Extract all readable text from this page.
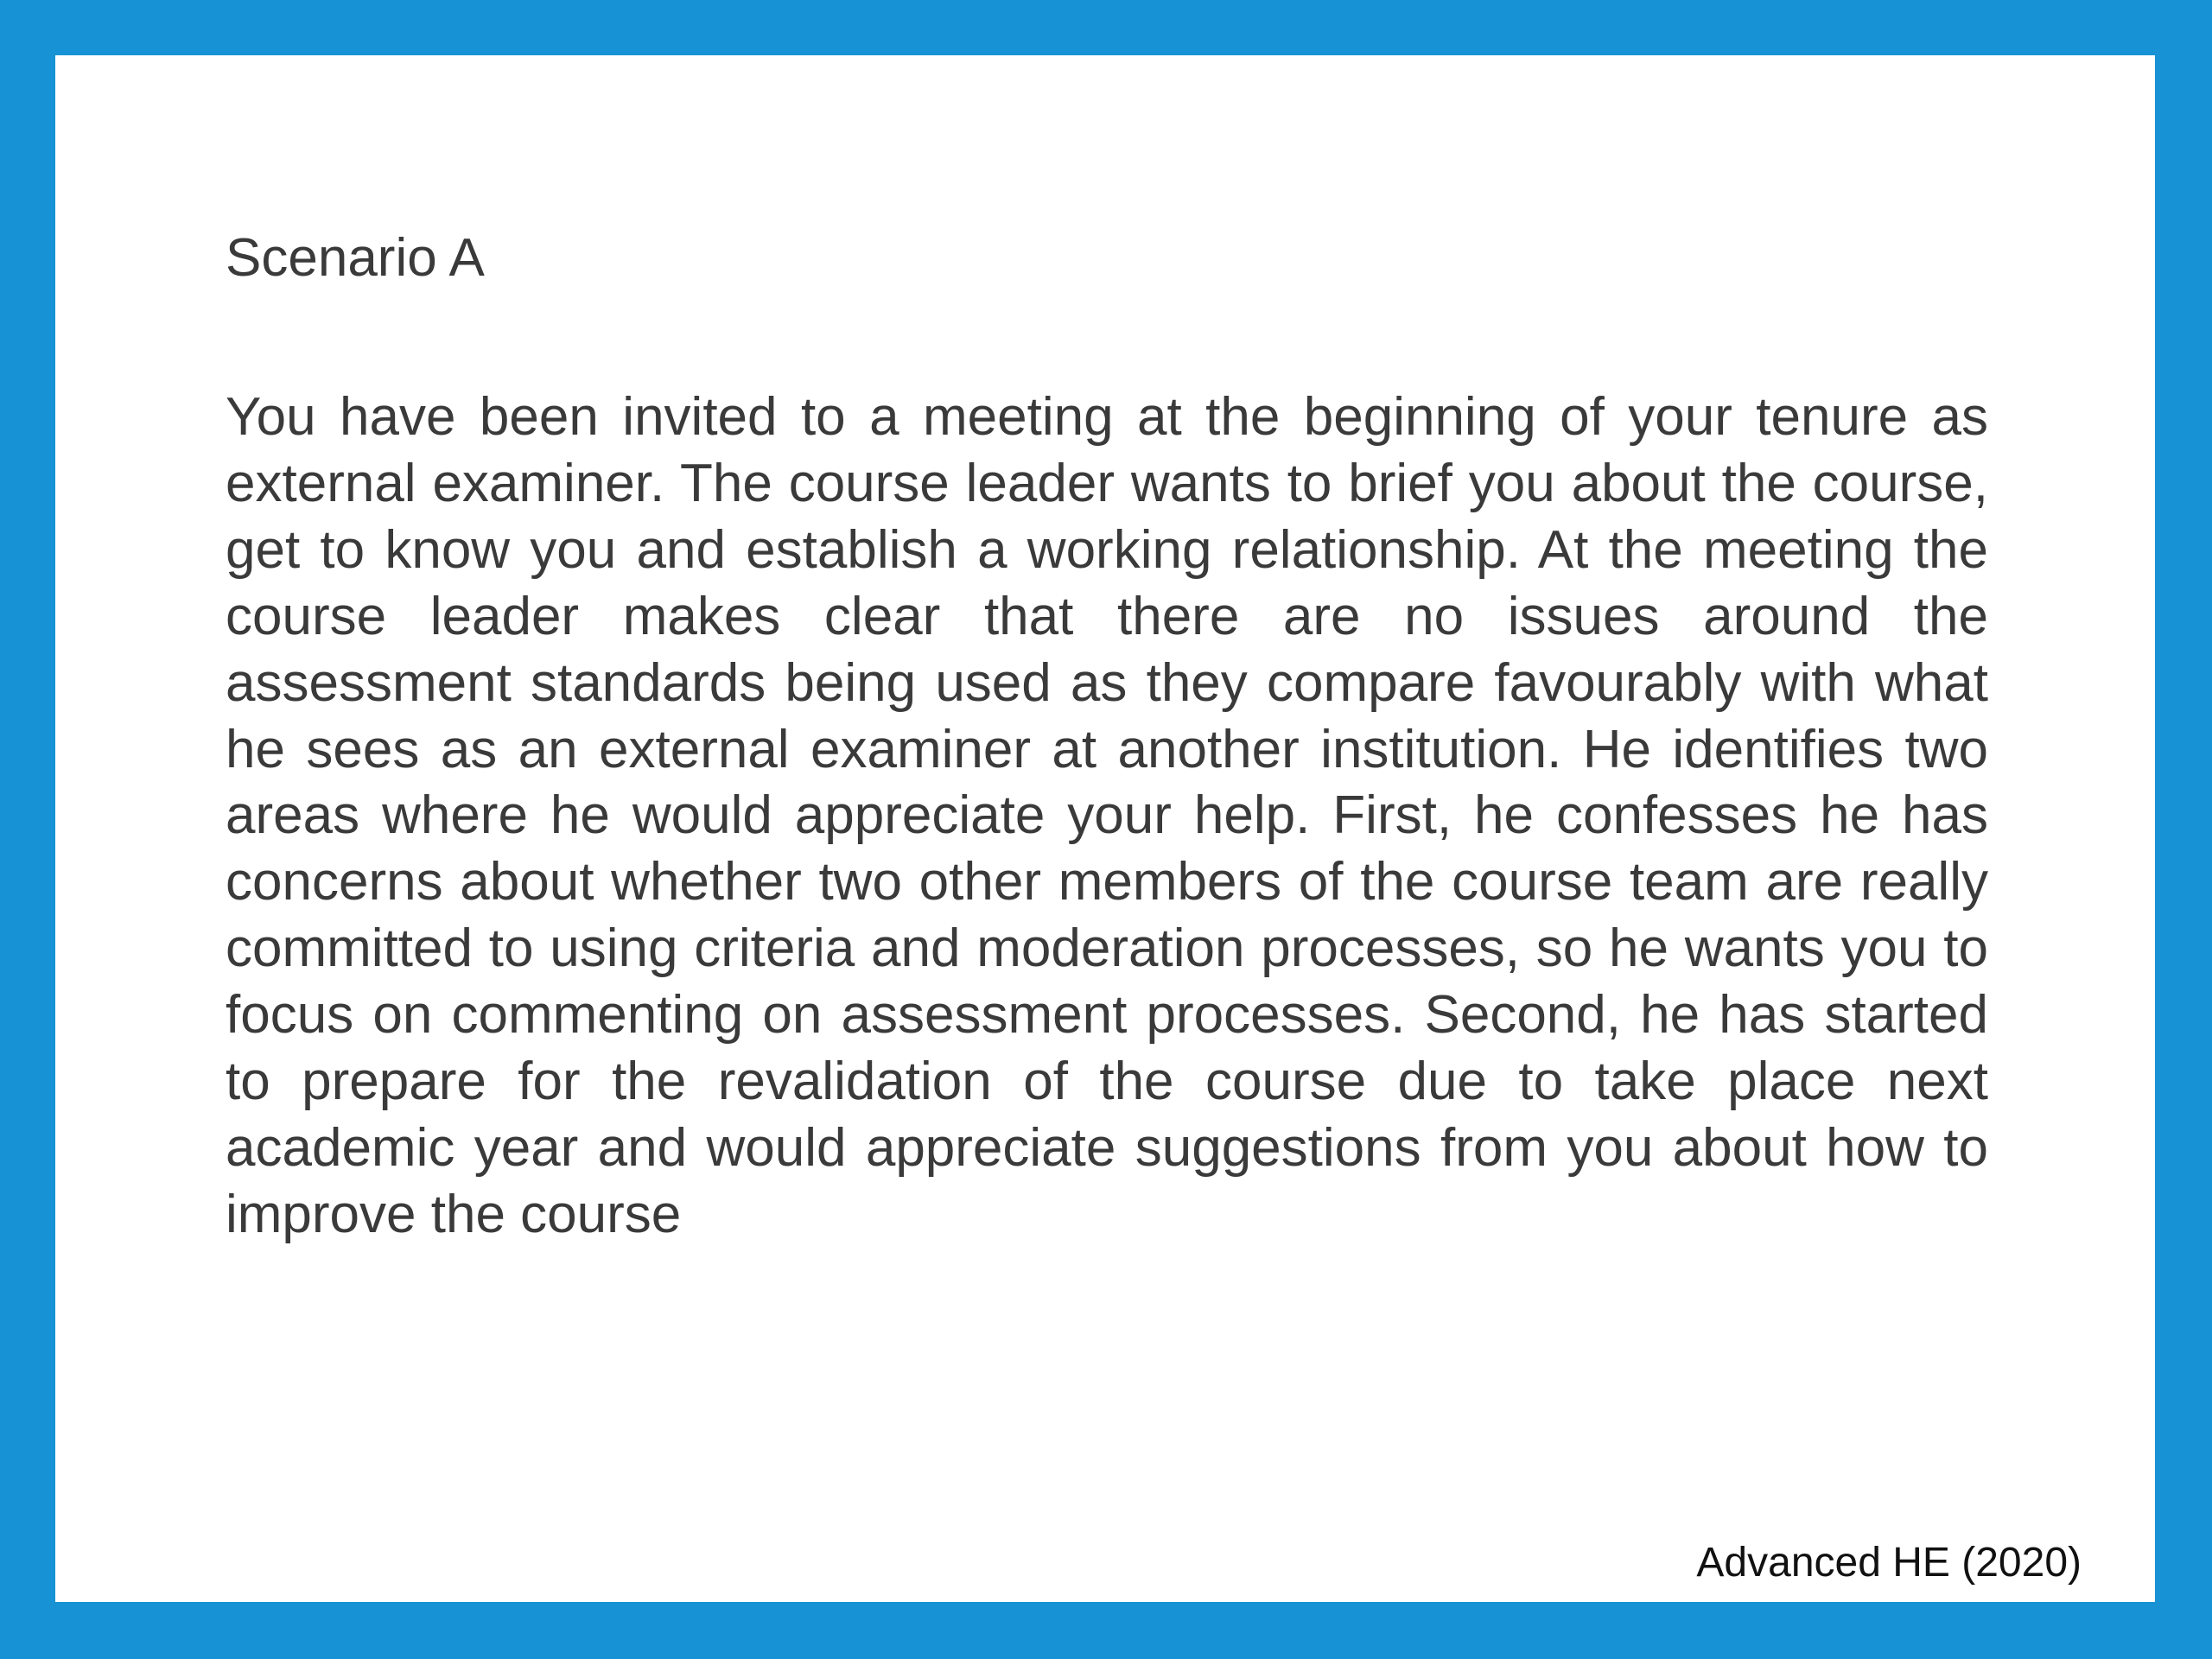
Scenario A

You have been invited to a meeting at the beginning of your tenure as external examiner. The course leader wants to brief you about the course, get to know you and establish a working relationship. At the meeting the course leader makes clear that there are no issues around the assessment standards being used as they compare favourably with what he sees as an external examiner at another institution. He identifies two areas where he would appreciate your help. First, he confesses he has concerns about whether two other members of the course team are really committed to using criteria and moderation processes, so he wants you to focus on commenting on assessment processes. Second, he has started to prepare for the revalidation of the course due to take place next academic year and would appreciate suggestions from you about how to improve the course

Advanced HE (2020)
